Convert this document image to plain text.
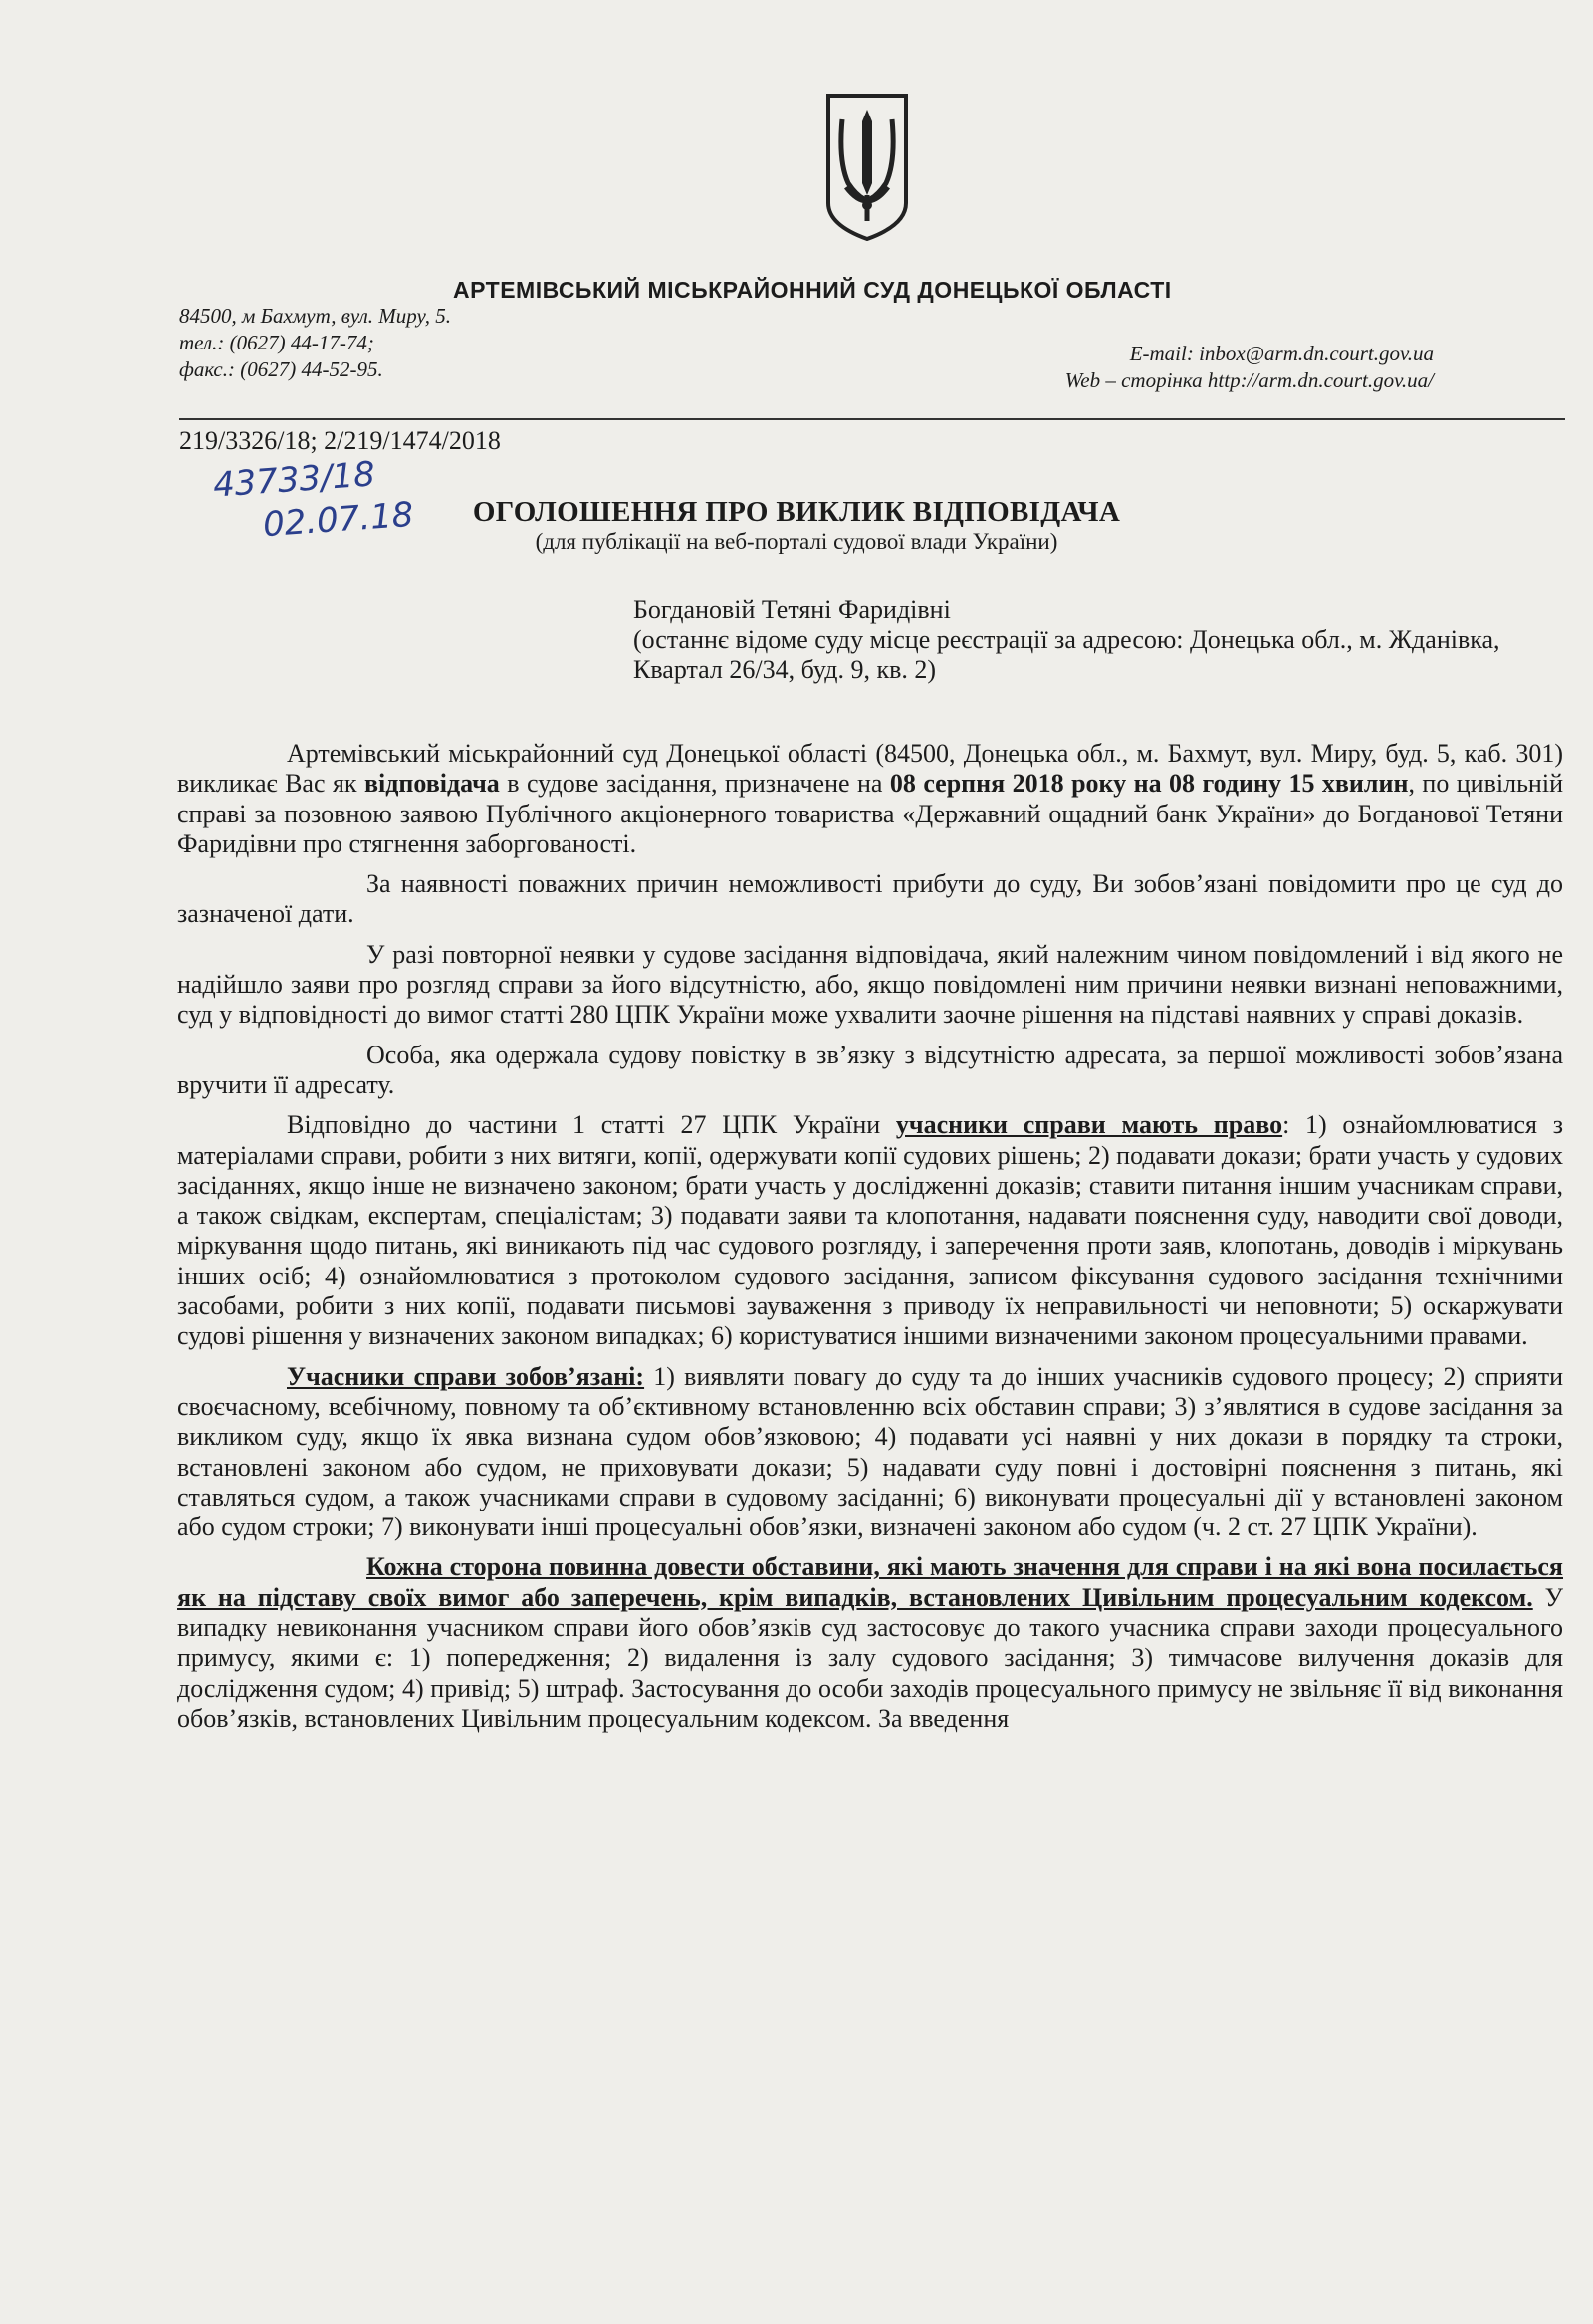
АРТЕМІВСЬКИЙ МІСЬКРАЙОННИЙ СУД ДОНЕЦЬКОЇ ОБЛАСТІ
84500, м Бахмут, вул. Миру, 5.
тел.: (0627) 44-17-74;
факс.: (0627) 44-52-95.
E-mail: inbox@arm.dn.court.gov.ua
Web – сторінка http://arm.dn.court.gov.ua/
219/3326/18; 2/219/1474/2018
43733/18
02.07.18	ОГОЛОШЕННЯ ПРО ВИКЛИК ВІДПОВІДАЧА
(для публікації на веб-порталі судової влади України)
Богдановій Тетяні Фаридівні
(останнє відоме суду місце реєстрації за адресою: Донецька обл., м. Жданівка, Квартал 26/34, буд. 9, кв. 2)

Артемівський міськрайонний суд Донецької області (84500, Донецька обл., м. Бахмут, вул. Миру, буд. 5, каб. 301) викликає Вас як відповідача в судове засідання, призначене на 08 серпня 2018 року на 08 годину 15 хвилин, по цивільній справі за позовною заявою Публічного акціонерного товариства «Державний ощадний банк України» до Богданової Тетяни Фаридівни про стягнення заборгованості.

За наявності поважних причин неможливості прибути до суду, Ви зобов’язані повідомити про це суд до зазначеної дати.

У разі повторної неявки у судове засідання відповідача, який належним чином повідомлений і від якого не надійшло заяви про розгляд справи за його відсутністю, або, якщо повідомлені ним причини неявки визнані неповажними, суд у відповідності до вимог статті 280 ЦПК України може ухвалити заочне рішення на підставі наявних у справі доказів.

Особа, яка одержала судову повістку в зв’язку з відсутністю адресата, за першої можливості зобов’язана вручити її адресату.

Відповідно до частини 1 статті 27 ЦПК України учасники справи мають право: 1) ознайомлюватися з матеріалами справи, робити з них витяги, копії, одержувати копії судових рішень; 2) подавати докази; брати участь у судових засіданнях, якщо інше не визначено законом; брати участь у дослідженні доказів; ставити питання іншим учасникам справи, а також свідкам, експертам, спеціалістам; 3) подавати заяви та клопотання, надавати пояснення суду, наводити свої доводи, міркування щодо питань, які виникають під час судового розгляду, і заперечення проти заяв, клопотань, доводів і міркувань інших осіб; 4) ознайомлюватися з протоколом судового засідання, записом фіксування судового засідання технічними засобами, робити з них копії, подавати письмові зауваження з приводу їх неправильності чи неповноти; 5) оскаржувати судові рішення у визначених законом випадках; 6) користуватися іншими визначеними законом процесуальними правами.

Учасники справи зобов’язані: 1) виявляти повагу до суду та до інших учасників судового процесу; 2) сприяти своєчасному, всебічному, повному та об’єктивному встановленню всіх обставин справи; 3) з’являтися в судове засідання за викликом суду, якщо їх явка визнана судом обов’язковою; 4) подавати усі наявні у них докази в порядку та строки, встановлені законом або судом, не приховувати докази; 5) надавати суду повні і достовірні пояснення з питань, які ставляться судом, а також учасниками справи в судовому засіданні; 6) виконувати процесуальні дії у встановлені законом або судом строки; 7) виконувати інші процесуальні обов’язки, визначені законом або судом (ч. 2 ст. 27 ЦПК України).

Кожна сторона повинна довести обставини, які мають значення для справи і на які вона посилається як на підставу своїх вимог або заперечень, крім випадків, встановлених Цивільним процесуальним кодексом. У випадку невиконання учасником справи його обов’язків суд застосовує до такого учасника справи заходи процесуального примусу, якими є: 1) попередження; 2) видалення із залу судового засідання; 3) тимчасове вилучення доказів для дослідження судом; 4) привід; 5) штраф. Застосування до особи заходів процесуального примусу не звільняє її від виконання обов’язків, встановлених Цивільним процесуальним кодексом. За введення
